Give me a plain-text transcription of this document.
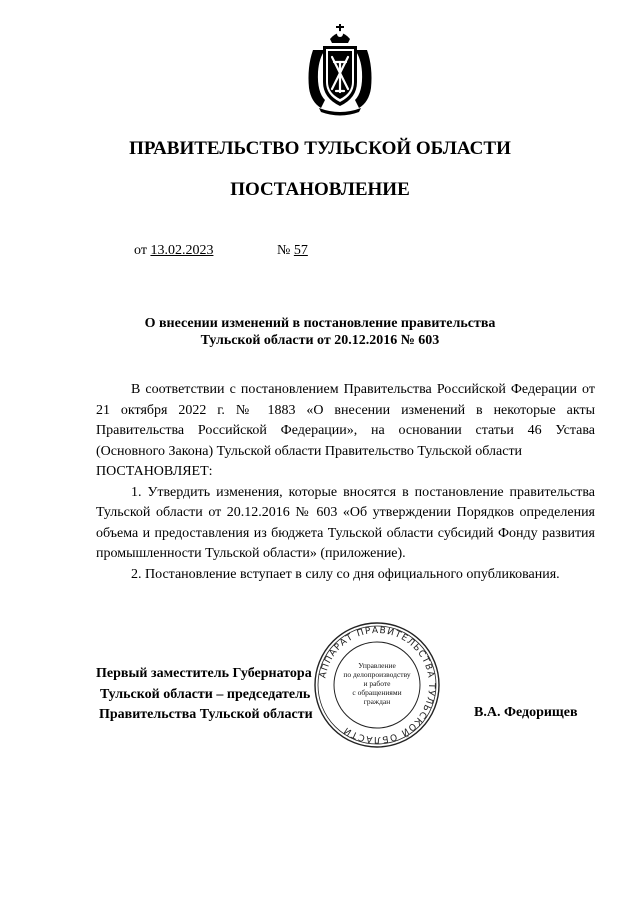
ПРАВИТЕЛЬСТВО ТУЛЬСКОЙ ОБЛАСТИ
ПОСТАНОВЛЕНИЕ
от 13.02.2023	№ 57
О внесении изменений в постановление правительства
Тульской области от 20.12.2016 № 603

В соответствии с постановлением Правительства Российской Федерации от 21 октября 2022 г. № 1883 «О внесении изменений в некоторые акты Правительства Российской Федерации», на основании статьи 46 Устава (Основного Закона) Тульской области Правительство Тульской области
ПОСТАНОВЛЯЕТ:

1. Утвердить изменения, которые вносятся в постановление правительства Тульской области от 20.12.2016 № 603 «Об утверждении Порядков определения объема и предоставления из бюджета Тульской области субсидий Фонду развития промышленности Тульской области» (приложение).

2. Постановление вступает в силу со дня официального опубликования.

АППАРАТ ПРАВИТЕЛЬСТВА ТУЛЬСКОЙ ОБЛАСТИ
Управление
по делопроизводству
и работе
с обращениями
граждан
Первый заместитель Губернатора
Тульской области – председатель
Правительства Тульской области	В.А. Федорищев
